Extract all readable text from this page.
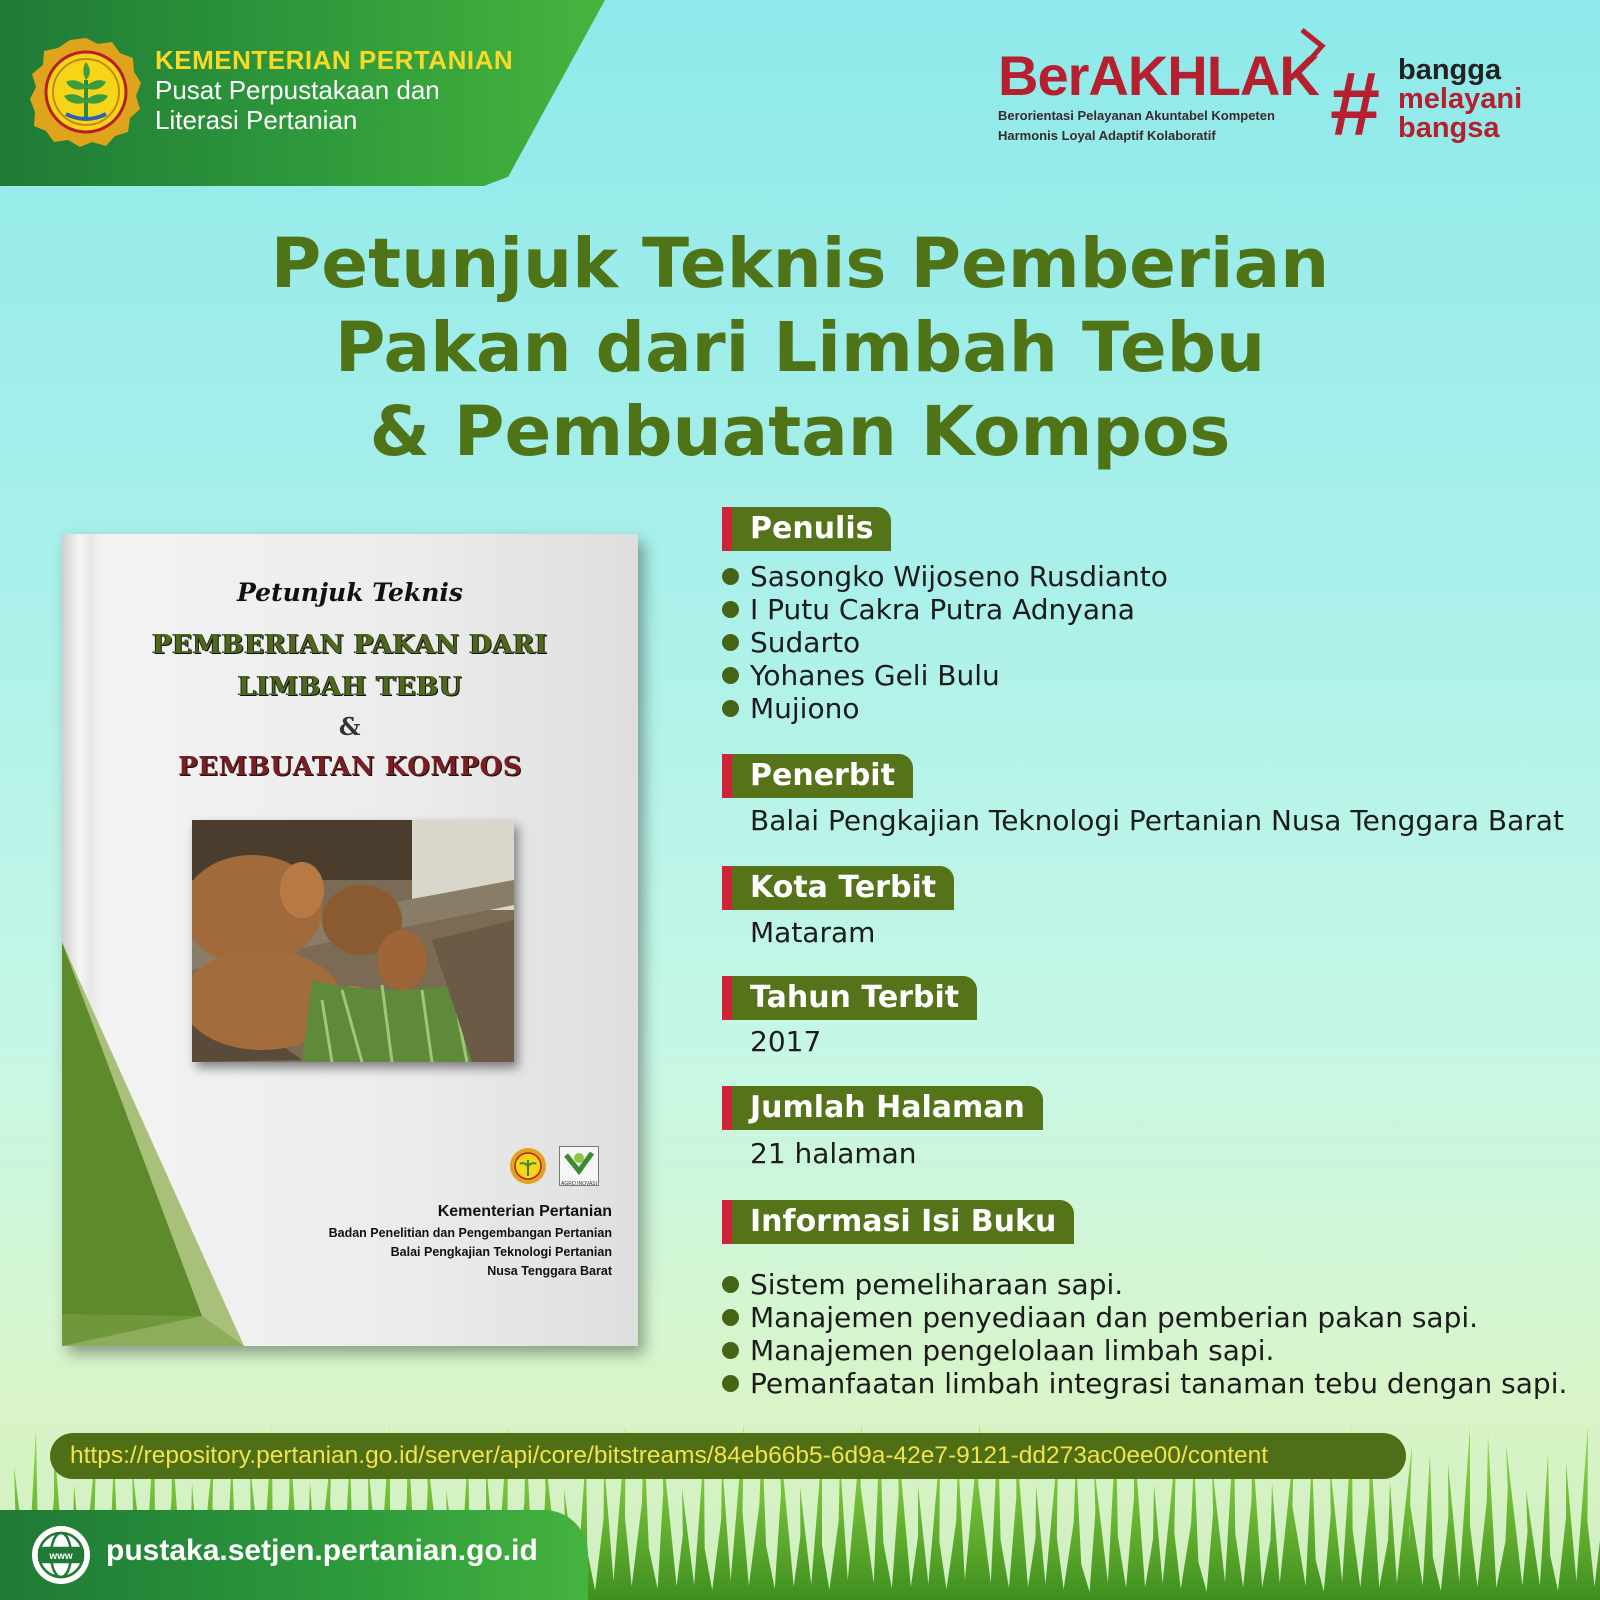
KEMENTERIAN PERTANIAN
Pusat Perpustakaan dan
Literasi Pertanian
BerAKHLAK
Berorientasi Pelayanan Akuntabel Kompeten
Harmonis Loyal Adaptif Kolaboratif	# bangga
melayani
bangsa
Petunjuk Teknis Pemberian
Pakan dari Limbah Tebu
& Pembuatan Kompos
Petunjuk Teknis
PEMBERIAN PAKAN DARI
LIMBAH TEBU
&
PEMBUATAN KOMPOS
AGRO INOVASI
Kementerian Pertanian
Badan Penelitian dan Pengembangan Pertanian
Balai Pengkajian Teknologi Pertanian
Nusa Tenggara Barat
Penulis
Sasongko Wijoseno Rusdianto
I Putu Cakra Putra Adnyana
Sudarto
Yohanes Geli Bulu
Mujiono
Penerbit
Balai Pengkajian Teknologi Pertanian Nusa Tenggara Barat
Kota Terbit
Mataram
Tahun Terbit
2017
Jumlah Halaman
21 halaman
Informasi Isi Buku
Sistem pemeliharaan sapi.
Manajemen penyediaan dan pemberian pakan sapi.
Manajemen pengelolaan limbah sapi.
Pemanfaatan limbah integrasi tanaman tebu dengan sapi.
https://repository.pertanian.go.id/server/api/core/bitstreams/84eb66b5-6d9a-42e7-9121-dd273ac0ee00/content
www pustaka.setjen.pertanian.go.id
